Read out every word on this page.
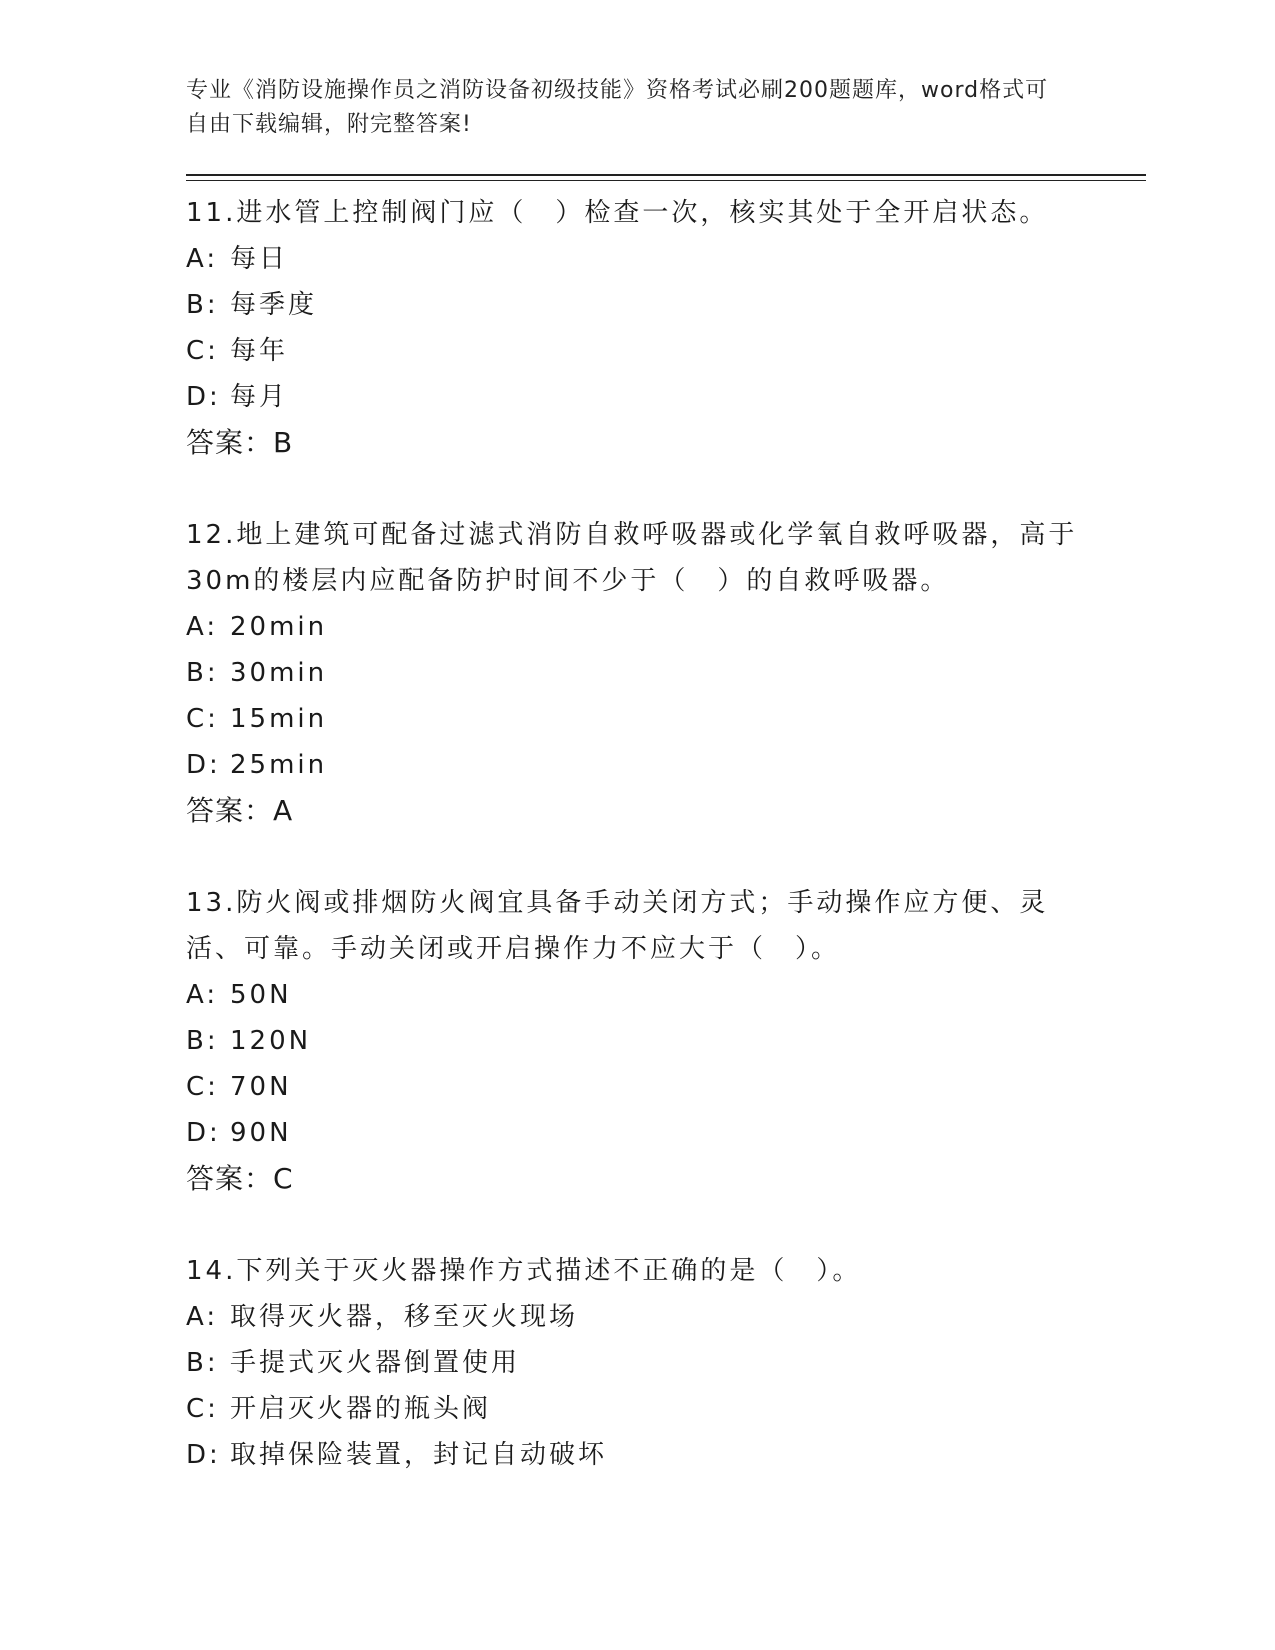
专业《消防设施操作员之消防设备初级技能》资格考试必刷200题题库，word格式可自由下载编辑，附完整答案!

11.进水管上控制阀门应（　）检查一次，核实其处于全开启状态。

A: 每日

B: 每季度

C: 每年

D: 每月

答案：B

12.地上建筑可配备过滤式消防自救呼吸器或化学氧自救呼吸器，高于30m的楼层内应配备防护时间不少于（　）的自救呼吸器。

A: 20min

B: 30min

C: 15min

D: 25min

答案：A

13.防火阀或排烟防火阀宜具备手动关闭方式；手动操作应方便、灵活、可靠。手动关闭或开启操作力不应大于（　）。

A: 50N

B: 120N

C: 70N

D: 90N

答案：C

14.下列关于灭火器操作方式描述不正确的是（　）。

A: 取得灭火器，移至灭火现场

B: 手提式灭火器倒置使用

C: 开启灭火器的瓶头阀

D: 取掉保险装置，封记自动破坏
